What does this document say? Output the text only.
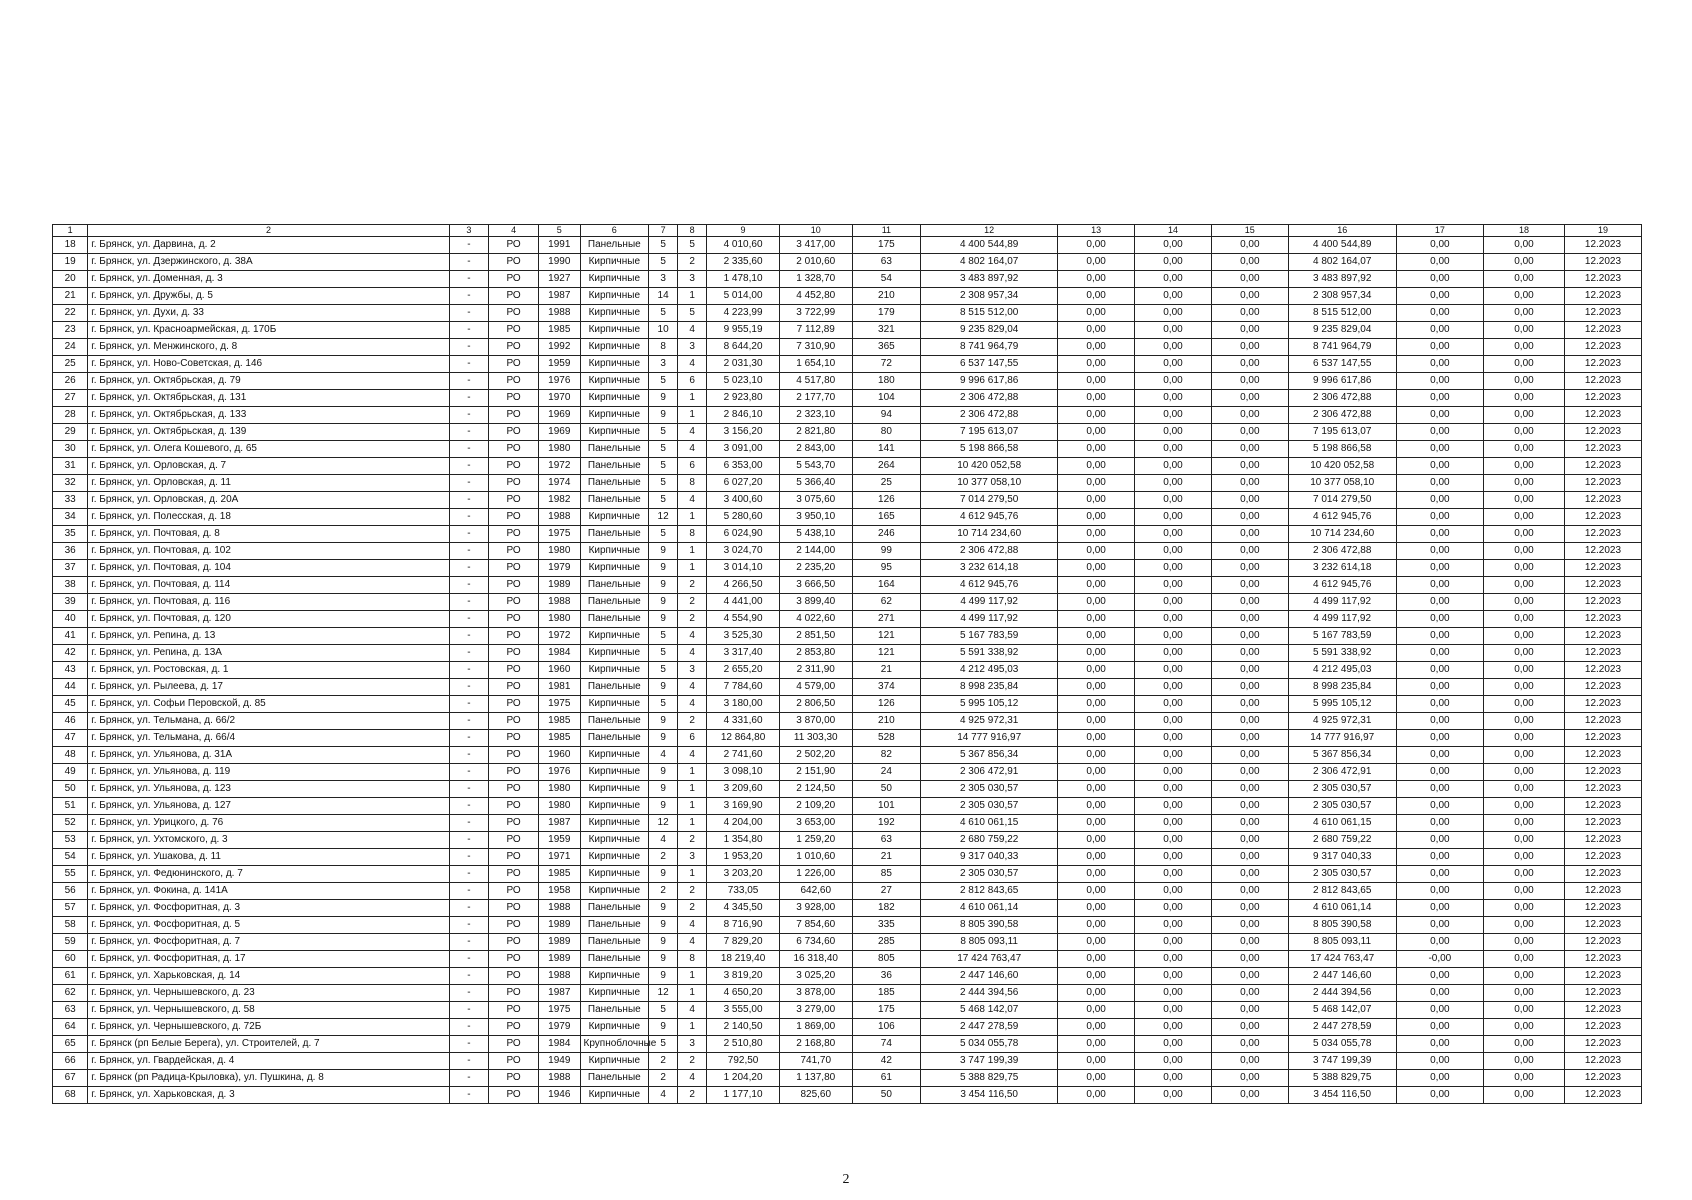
1	2	3	4	5	6	7	8	9	10	11	12	13	14	15	16	17	18	19
18	г. Брянск, ул. Дарвина, д. 2	-	РО	1991	Панельные	5	5	4 010,60	3 417,00	175	4 400 544,89	0,00	0,00	0,00	4 400 544,89	0,00	0,00	12.2023
19	г. Брянск, ул. Дзержинского, д. 38А	-	РО	1990	Кирпичные	5	2	2 335,60	2 010,60	63	4 802 164,07	0,00	0,00	0,00	4 802 164,07	0,00	0,00	12.2023
20	г. Брянск, ул. Доменная, д. 3	-	РО	1927	Кирпичные	3	3	1 478,10	1 328,70	54	3 483 897,92	0,00	0,00	0,00	3 483 897,92	0,00	0,00	12.2023
21	г. Брянск, ул. Дружбы, д. 5	-	РО	1987	Кирпичные	14	1	5 014,00	4 452,80	210	2 308 957,34	0,00	0,00	0,00	2 308 957,34	0,00	0,00	12.2023
22	г. Брянск, ул. Духи, д. 33	-	РО	1988	Кирпичные	5	5	4 223,99	3 722,99	179	8 515 512,00	0,00	0,00	0,00	8 515 512,00	0,00	0,00	12.2023
23	г. Брянск, ул. Красноармейская, д. 170Б	-	РО	1985	Кирпичные	10	4	9 955,19	7 112,89	321	9 235 829,04	0,00	0,00	0,00	9 235 829,04	0,00	0,00	12.2023
24	г. Брянск, ул. Менжинского, д. 8	-	РО	1992	Кирпичные	8	3	8 644,20	7 310,90	365	8 741 964,79	0,00	0,00	0,00	8 741 964,79	0,00	0,00	12.2023
25	г. Брянск, ул. Ново-Советская, д. 146	-	РО	1959	Кирпичные	3	4	2 031,30	1 654,10	72	6 537 147,55	0,00	0,00	0,00	6 537 147,55	0,00	0,00	12.2023
26	г. Брянск, ул. Октябрьская, д. 79	-	РО	1976	Кирпичные	5	6	5 023,10	4 517,80	180	9 996 617,86	0,00	0,00	0,00	9 996 617,86	0,00	0,00	12.2023
27	г. Брянск, ул. Октябрьская, д. 131	-	РО	1970	Кирпичные	9	1	2 923,80	2 177,70	104	2 306 472,88	0,00	0,00	0,00	2 306 472,88	0,00	0,00	12.2023
28	г. Брянск, ул. Октябрьская, д. 133	-	РО	1969	Кирпичные	9	1	2 846,10	2 323,10	94	2 306 472,88	0,00	0,00	0,00	2 306 472,88	0,00	0,00	12.2023
29	г. Брянск, ул. Октябрьская, д. 139	-	РО	1969	Кирпичные	5	4	3 156,20	2 821,80	80	7 195 613,07	0,00	0,00	0,00	7 195 613,07	0,00	0,00	12.2023
30	г. Брянск, ул. Олега Кошевого, д. 65	-	РО	1980	Панельные	5	4	3 091,00	2 843,00	141	5 198 866,58	0,00	0,00	0,00	5 198 866,58	0,00	0,00	12.2023
31	г. Брянск, ул. Орловская, д. 7	-	РО	1972	Панельные	5	6	6 353,00	5 543,70	264	10 420 052,58	0,00	0,00	0,00	10 420 052,58	0,00	0,00	12.2023
32	г. Брянск, ул. Орловская, д. 11	-	РО	1974	Панельные	5	8	6 027,20	5 366,40	25	10 377 058,10	0,00	0,00	0,00	10 377 058,10	0,00	0,00	12.2023
33	г. Брянск, ул. Орловская, д. 20А	-	РО	1982	Панельные	5	4	3 400,60	3 075,60	126	7 014 279,50	0,00	0,00	0,00	7 014 279,50	0,00	0,00	12.2023
34	г. Брянск, ул. Полесская, д. 18	-	РО	1988	Кирпичные	12	1	5 280,60	3 950,10	165	4 612 945,76	0,00	0,00	0,00	4 612 945,76	0,00	0,00	12.2023
35	г. Брянск, ул. Почтовая, д. 8	-	РО	1975	Панельные	5	8	6 024,90	5 438,10	246	10 714 234,60	0,00	0,00	0,00	10 714 234,60	0,00	0,00	12.2023
36	г. Брянск, ул. Почтовая, д. 102	-	РО	1980	Кирпичные	9	1	3 024,70	2 144,00	99	2 306 472,88	0,00	0,00	0,00	2 306 472,88	0,00	0,00	12.2023
37	г. Брянск, ул. Почтовая, д. 104	-	РО	1979	Кирпичные	9	1	3 014,10	2 235,20	95	3 232 614,18	0,00	0,00	0,00	3 232 614,18	0,00	0,00	12.2023
38	г. Брянск, ул. Почтовая, д. 114	-	РО	1989	Панельные	9	2	4 266,50	3 666,50	164	4 612 945,76	0,00	0,00	0,00	4 612 945,76	0,00	0,00	12.2023
39	г. Брянск, ул. Почтовая, д. 116	-	РО	1988	Панельные	9	2	4 441,00	3 899,40	62	4 499 117,92	0,00	0,00	0,00	4 499 117,92	0,00	0,00	12.2023
40	г. Брянск, ул. Почтовая, д. 120	-	РО	1980	Панельные	9	2	4 554,90	4 022,60	271	4 499 117,92	0,00	0,00	0,00	4 499 117,92	0,00	0,00	12.2023
41	г. Брянск, ул. Репина, д. 13	-	РО	1972	Кирпичные	5	4	3 525,30	2 851,50	121	5 167 783,59	0,00	0,00	0,00	5 167 783,59	0,00	0,00	12.2023
42	г. Брянск, ул. Репина, д. 13А	-	РО	1984	Кирпичные	5	4	3 317,40	2 853,80	121	5 591 338,92	0,00	0,00	0,00	5 591 338,92	0,00	0,00	12.2023
43	г. Брянск, ул. Ростовская, д. 1	-	РО	1960	Кирпичные	5	3	2 655,20	2 311,90	21	4 212 495,03	0,00	0,00	0,00	4 212 495,03	0,00	0,00	12.2023
44	г. Брянск, ул. Рылеева, д. 17	-	РО	1981	Панельные	9	4	7 784,60	4 579,00	374	8 998 235,84	0,00	0,00	0,00	8 998 235,84	0,00	0,00	12.2023
45	г. Брянск, ул. Софьи Перовской, д. 85	-	РО	1975	Кирпичные	5	4	3 180,00	2 806,50	126	5 995 105,12	0,00	0,00	0,00	5 995 105,12	0,00	0,00	12.2023
46	г. Брянск, ул. Тельмана, д. 66/2	-	РО	1985	Панельные	9	2	4 331,60	3 870,00	210	4 925 972,31	0,00	0,00	0,00	4 925 972,31	0,00	0,00	12.2023
47	г. Брянск, ул. Тельмана, д. 66/4	-	РО	1985	Панельные	9	6	12 864,80	11 303,30	528	14 777 916,97	0,00	0,00	0,00	14 777 916,97	0,00	0,00	12.2023
48	г. Брянск, ул. Ульянова, д. 31А	-	РО	1960	Кирпичные	4	4	2 741,60	2 502,20	82	5 367 856,34	0,00	0,00	0,00	5 367 856,34	0,00	0,00	12.2023
49	г. Брянск, ул. Ульянова, д. 119	-	РО	1976	Кирпичные	9	1	3 098,10	2 151,90	24	2 306 472,91	0,00	0,00	0,00	2 306 472,91	0,00	0,00	12.2023
50	г. Брянск, ул. Ульянова, д. 123	-	РО	1980	Кирпичные	9	1	3 209,60	2 124,50	50	2 305 030,57	0,00	0,00	0,00	2 305 030,57	0,00	0,00	12.2023
51	г. Брянск, ул. Ульянова, д. 127	-	РО	1980	Кирпичные	9	1	3 169,90	2 109,20	101	2 305 030,57	0,00	0,00	0,00	2 305 030,57	0,00	0,00	12.2023
52	г. Брянск, ул. Урицкого, д. 76	-	РО	1987	Кирпичные	12	1	4 204,00	3 653,00	192	4 610 061,15	0,00	0,00	0,00	4 610 061,15	0,00	0,00	12.2023
53	г. Брянск, ул. Ухтомского, д. 3	-	РО	1959	Кирпичные	4	2	1 354,80	1 259,20	63	2 680 759,22	0,00	0,00	0,00	2 680 759,22	0,00	0,00	12.2023
54	г. Брянск, ул. Ушакова, д. 11	-	РО	1971	Кирпичные	2	3	1 953,20	1 010,60	21	9 317 040,33	0,00	0,00	0,00	9 317 040,33	0,00	0,00	12.2023
55	г. Брянск, ул. Федюнинского, д. 7	-	РО	1985	Кирпичные	9	1	3 203,20	1 226,00	85	2 305 030,57	0,00	0,00	0,00	2 305 030,57	0,00	0,00	12.2023
56	г. Брянск, ул. Фокина, д. 141А	-	РО	1958	Кирпичные	2	2	733,05	642,60	27	2 812 843,65	0,00	0,00	0,00	2 812 843,65	0,00	0,00	12.2023
57	г. Брянск, ул. Фосфоритная, д. 3	-	РО	1988	Панельные	9	2	4 345,50	3 928,00	182	4 610 061,14	0,00	0,00	0,00	4 610 061,14	0,00	0,00	12.2023
58	г. Брянск, ул. Фосфоритная, д. 5	-	РО	1989	Панельные	9	4	8 716,90	7 854,60	335	8 805 390,58	0,00	0,00	0,00	8 805 390,58	0,00	0,00	12.2023
59	г. Брянск, ул. Фосфоритная, д. 7	-	РО	1989	Панельные	9	4	7 829,20	6 734,60	285	8 805 093,11	0,00	0,00	0,00	8 805 093,11	0,00	0,00	12.2023
60	г. Брянск, ул. Фосфоритная, д. 17	-	РО	1989	Панельные	9	8	18 219,40	16 318,40	805	17 424 763,47	0,00	0,00	0,00	17 424 763,47	-0,00	0,00	12.2023
61	г. Брянск, ул. Харьковская, д. 14	-	РО	1988	Кирпичные	9	1	3 819,20	3 025,20	36	2 447 146,60	0,00	0,00	0,00	2 447 146,60	0,00	0,00	12.2023
62	г. Брянск, ул. Чернышевского, д. 23	-	РО	1987	Кирпичные	12	1	4 650,20	3 878,00	185	2 444 394,56	0,00	0,00	0,00	2 444 394,56	0,00	0,00	12.2023
63	г. Брянск, ул. Чернышевского, д. 58	-	РО	1975	Панельные	5	4	3 555,00	3 279,00	175	5 468 142,07	0,00	0,00	0,00	5 468 142,07	0,00	0,00	12.2023
64	г. Брянск, ул. Чернышевского, д. 72Б	-	РО	1979	Кирпичные	9	1	2 140,50	1 869,00	106	2 447 278,59	0,00	0,00	0,00	2 447 278,59	0,00	0,00	12.2023
65	г. Брянск (рп Белые Берега), ул. Строителей, д. 7	-	РО	1984	Крупноблочные	5	3	2 510,80	2 168,80	74	5 034 055,78	0,00	0,00	0,00	5 034 055,78	0,00	0,00	12.2023
66	г. Брянск, ул. Гвардейская, д. 4	-	РО	1949	Кирпичные	2	2	792,50	741,70	42	3 747 199,39	0,00	0,00	0,00	3 747 199,39	0,00	0,00	12.2023
67	г. Брянск (рп Радица-Крыловка), ул. Пушкина, д. 8	-	РО	1988	Панельные	2	4	1 204,20	1 137,80	61	5 388 829,75	0,00	0,00	0,00	5 388 829,75	0,00	0,00	12.2023
68	г. Брянск, ул. Харьковская, д. 3	-	РО	1946	Кирпичные	4	2	1 177,10	825,60	50	3 454 116,50	0,00	0,00	0,00	3 454 116,50	0,00	0,00	12.2023
2
